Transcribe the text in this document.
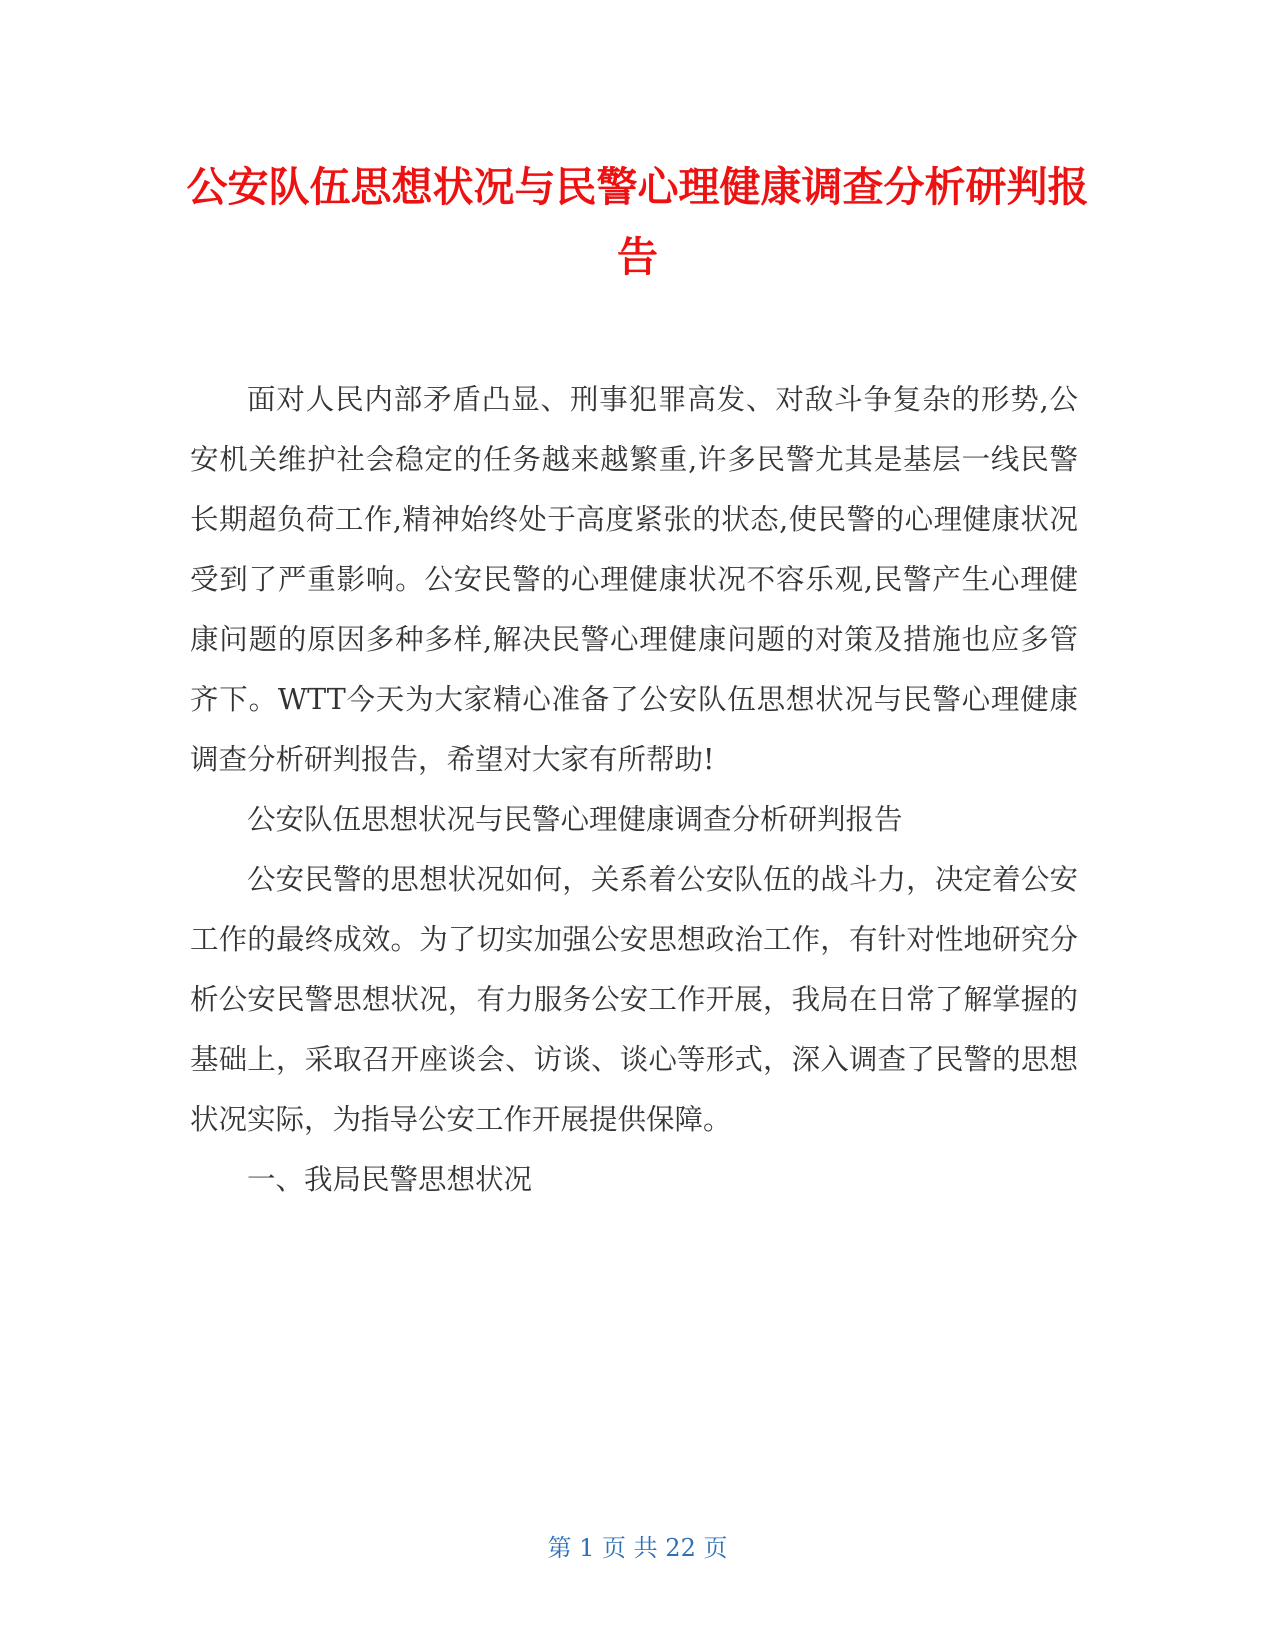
公安队伍思想状况与民警心理健康调查分析研判报告

面对人民内部矛盾凸显、刑事犯罪高发、对敌斗争复杂的形势,公安机关维护社会稳定的任务越来越繁重,许多民警尤其是基层一线民警长期超负荷工作,精神始终处于高度紧张的状态,使民警的心理健康状况受到了严重影响。公安民警的心理健康状况不容乐观,民警产生心理健康问题的原因多种多样,解决民警心理健康问题的对策及措施也应多管齐下。WTT今天为大家精心准备了公安队伍思想状况与民警心理健康调查分析研判报告，希望对大家有所帮助!

公安队伍思想状况与民警心理健康调查分析研判报告

公安民警的思想状况如何，关系着公安队伍的战斗力，决定着公安工作的最终成效。为了切实加强公安思想政治工作，有针对性地研究分析公安民警思想状况，有力服务公安工作开展，我局在日常了解掌握的基础上，采取召开座谈会、访谈、谈心等形式，深入调查了民警的思想状况实际，为指导公安工作开展提供保障。

一、我局民警思想状况

第 1 页 共 22 页
